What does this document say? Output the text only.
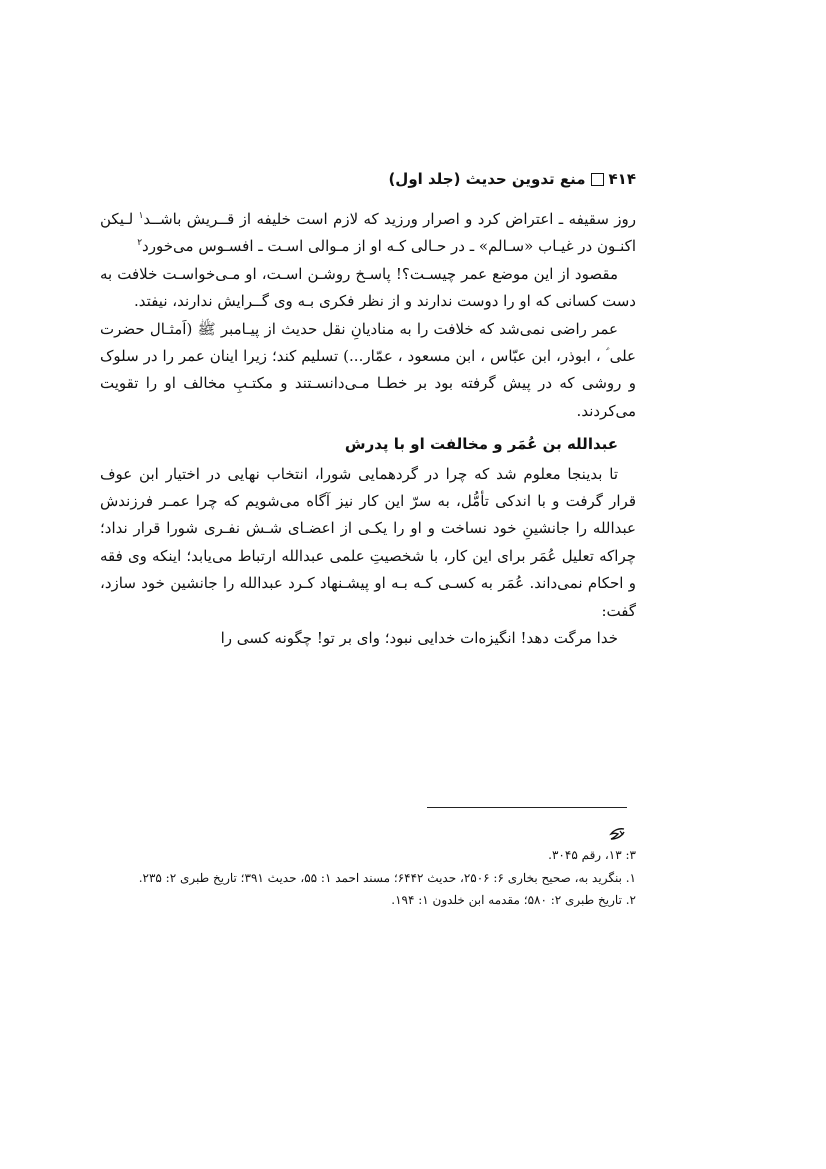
۴۱۴منع تدوین حدیث (جلد اول)

روز سقیفه ـ اعتراض کرد و اصرار ورزید که لازم است خلیفه از قــریش باشــد$^۱$ لـیکن اکنـون در غیـاب «سـالم» ـ در حـالی کـه او از مـوالی اسـت ـ افسـوس می‌خورد$^۲$

مقصود از این موضع عمر چیسـت؟! پاسـخ روشـن اسـت، او مـی‌خواسـت خلافت به دست کسانی که او را دوست ندارند و از نظر فکری بـه وی گــرایش ندارند، نیفتد.

عمر راضی نمی‌شد که خلافت را به منادیانِ نقل حدیث از پیـامبر ﷺ (اَمثـال حضرت علی ؑ ، ابوذر، ابن عبّاس ، ابن مسعود ، عمّار...) تسلیم کند؛ زیرا اینان عمر را در سلوک و روشی که در پیش گرفته بود بر خطـا مـی‌دانسـتند و مکتـبِ مخالف او را تقویت می‌کردند.

عبدالله بن عُمَر و مخالفت او با پدرش

تا بدینجا معلوم شد که چرا در گردهمایی شورا، انتخاب نهایی در اختیار ابن عوف قرار گرفت و با اندکی تأمُّل، به سرّ این کار نیز آگاه می‌شویم که چرا عمـر فرزندش عبدالله را جانشینِ خود نساخت و او را یکـی از اعضـای شـش نفـری شورا قرار نداد؛ چراکه تعلیل عُمَر برای این کار، با شخصیتِ علمی عبدالله ارتباط می‌یابد؛ اینکه وی فقه و احکام نمی‌داند. عُمَر به کسـی کـه بـه او پیشـنهاد کـرد عبدالله را جانشین خود سازد، گفت:

خدا مرگت دهد! انگیزه‌ات خدایی نبود؛ وای بر تو! چگونه کسی را

۳: ۱۳، رقم ۳۰۴۵.
۱. بنگرید به، صحیح بخاری ۶: ۲۵۰۶، حدیث ۶۴۴۲؛ مسند احمد ۱: ۵۵، حدیث ۳۹۱؛ تاریخ طبری ۲: ۲۳۵.
۲. تاریخ طبری ۲: ۵۸۰؛ مقدمه ابن خلدون ۱: ۱۹۴.
